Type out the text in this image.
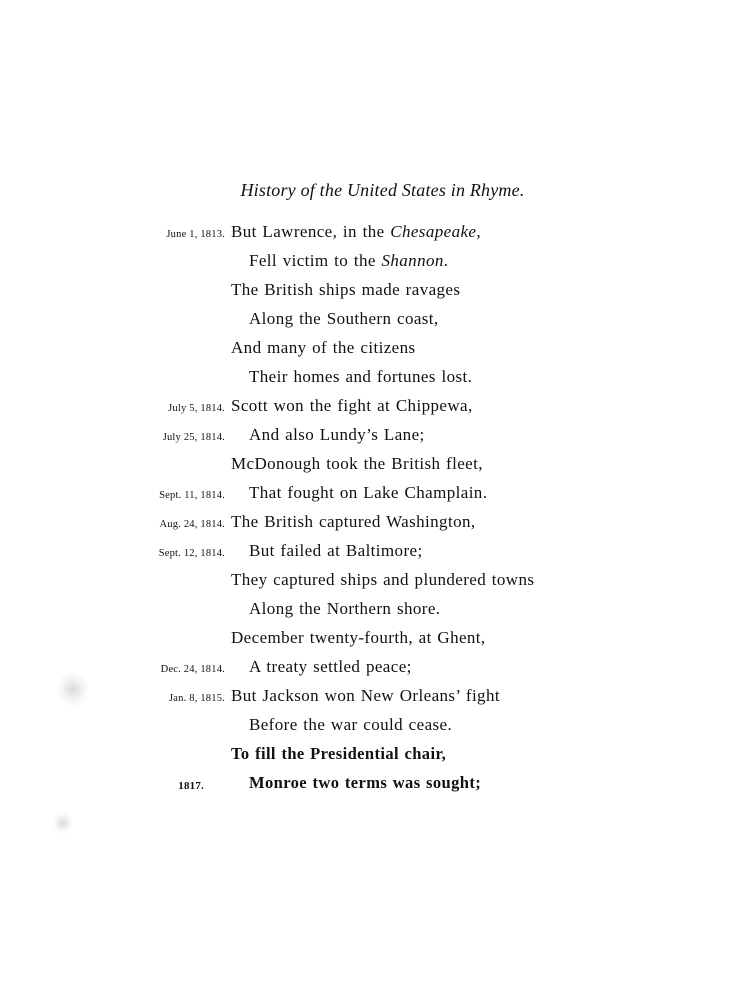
History of the United States in Rhyme.
June 1, 1813. But Lawrence, in the Chesapeake,
Fell victim to the Shannon.
The British ships made ravages
Along the Southern coast,
And many of the citizens
Their homes and fortunes lost.
July 5, 1814. Scott won the fight at Chippewa,
July 25, 1814. And also Lundy’s Lane;
McDonough took the British fleet,
Sept. 11, 1814. That fought on Lake Champlain.
Aug. 24, 1814. The British captured Washington,
Sept. 12, 1814. But failed at Baltimore;
They captured ships and plundered towns
Along the Northern shore.
December twenty-fourth, at Ghent,
Dec. 24, 1814. A treaty settled peace;
Jan. 8, 1815. But Jackson won New Orleans’ fight
Before the war could cease.
To fill the Presidential chair,
1817.	Monroe two terms was sought;
